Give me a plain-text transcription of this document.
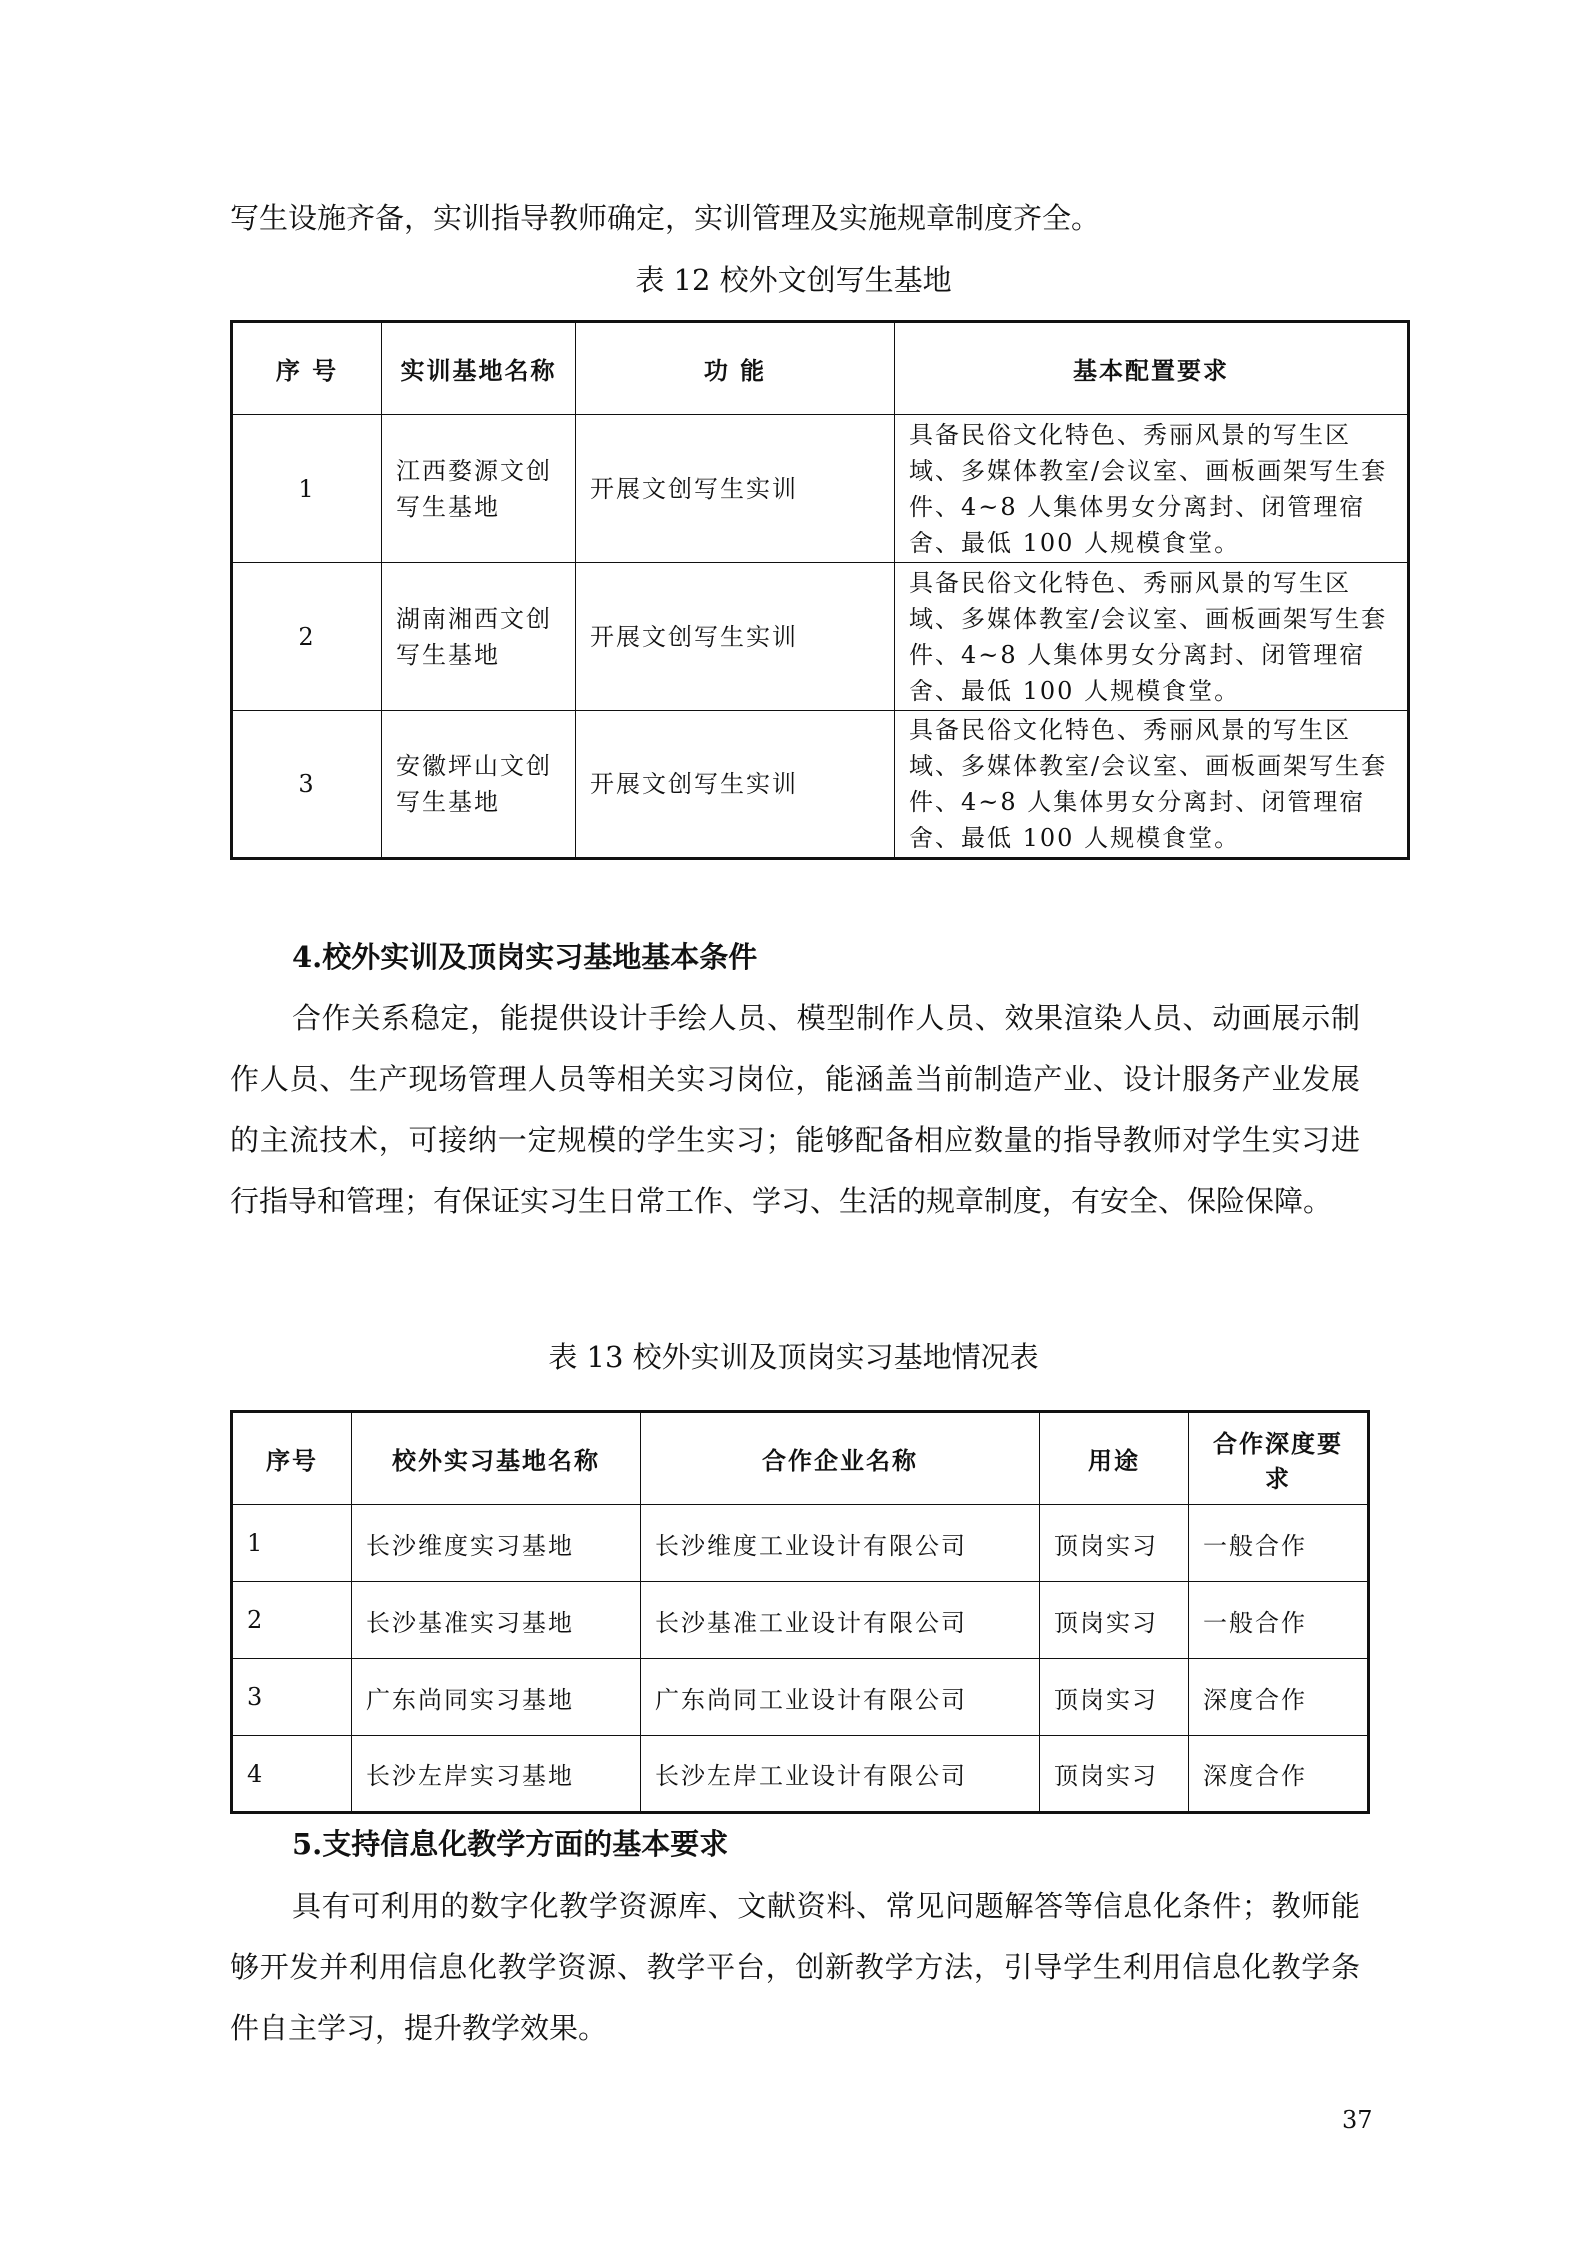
写生设施齐备，实训指导教师确定，实训管理及实施规章制度齐全。
表 12 校外文创写生基地
序 号	实训基地名称	功 能	基本配置要求
1	江西婺源文创写生基地	开展文创写生实训	具备民俗文化特色、秀丽风景的写生区域、多媒体教室/会议室、画板画架写生套件、4~8 人集体男女分离封、闭管理宿舍、最低 100 人规模食堂。
2	湖南湘西文创写生基地	开展文创写生实训	具备民俗文化特色、秀丽风景的写生区域、多媒体教室/会议室、画板画架写生套件、4~8 人集体男女分离封、闭管理宿舍、最低 100 人规模食堂。
3	安徽坪山文创写生基地	开展文创写生实训	具备民俗文化特色、秀丽风景的写生区域、多媒体教室/会议室、画板画架写生套件、4~8 人集体男女分离封、闭管理宿舍、最低 100 人规模食堂。
4.校外实训及顶岗实习基地基本条件

合作关系稳定，能提供设计手绘人员、模型制作人员、效果渲染人员、动画展示制作人员、生产现场管理人员等相关实习岗位，能涵盖当前制造产业、设计服务产业发展的主流技术，可接纳一定规模的学生实习；能够配备相应数量的指导教师对学生实习进行指导和管理；有保证实习生日常工作、学习、生活的规章制度，有安全、保险保障。

表 13 校外实训及顶岗实习基地情况表
序号	校外实习基地名称	合作企业名称	用途	合作深度要求
1	长沙维度实习基地	长沙维度工业设计有限公司	顶岗实习	一般合作
2	长沙基准实习基地	长沙基准工业设计有限公司	顶岗实习	一般合作
3	广东尚同实习基地	广东尚同工业设计有限公司	顶岗实习	深度合作
4	长沙左岸实习基地	长沙左岸工业设计有限公司	顶岗实习	深度合作
5.支持信息化教学方面的基本要求

具有可利用的数字化教学资源库、文献资料、常见问题解答等信息化条件；教师能够开发并利用信息化教学资源、教学平台，创新教学方法，引导学生利用信息化教学条件自主学习，提升教学效果。

37
